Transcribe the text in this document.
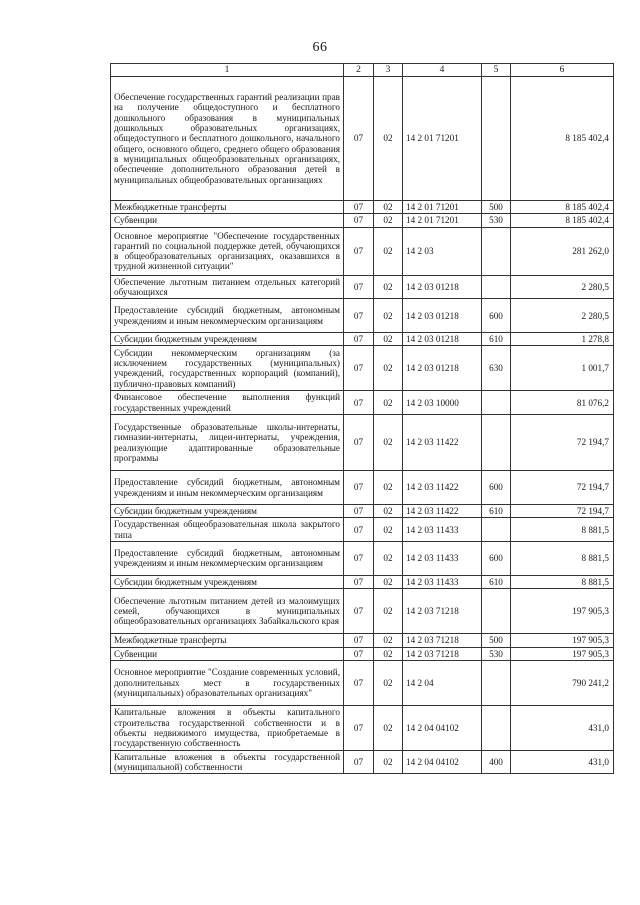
66
1	2	3	4	5	6
Обеспечение государственных гарантий реализации прав на получение общедоступного и бесплатного дошкольного образования в муниципальных дошкольных образовательных организациях, общедоступного и бесплатного дошкольного, начального общего, основного общего, среднего общего образования в муниципальных общеобразовательных организациях, обеспечение дополнительного образования детей в муниципальных общеобразовательных организациях	07	02	14 2 01 71201		8 185 402,4
Межбюджетные трансферты	07	02	14 2 01 71201	500	8 185 402,4
Субвенции	07	02	14 2 01 71201	530	8 185 402,4
Основное мероприятие "Обеспечение государственных гарантий по социальной поддержке детей, обучающихся в общеобразовательных организациях, оказавшихся в трудной жизненной ситуации"	07	02	14 2 03		281 262,0
Обеспечение льготным питанием отдельных категорий обучающихся	07	02	14 2 03 01218		2 280,5
Предоставление субсидий бюджетным, автономным учреждениям и иным некоммерческим организациям	07	02	14 2 03 01218	600	2 280,5
Субсидии бюджетным учреждениям	07	02	14 2 03 01218	610	1 278,8
Субсидии некоммерческим организациям (за исключением государственных (муниципальных) учреждений, государственных корпораций (компаний), публично-правовых компаний)	07	02	14 2 03 01218	630	1 001,7
Финансовое обеспечение выполнения функций государственных учреждений	07	02	14 2 03 10000		81 076,2
Государственные образовательные школы-интернаты, гимназии-интернаты, лицеи-интернаты, учреждения, реализующие адаптированные образовательные программы	07	02	14 2 03 11422		72 194,7
Предоставление субсидий бюджетным, автономным учреждениям и иным некоммерческим организациям	07	02	14 2 03 11422	600	72 194,7
Субсидии бюджетным учреждениям	07	02	14 2 03 11422	610	72 194,7
Государственная общеобразовательная школа закрытого типа	07	02	14 2 03 11433		8 881,5
Предоставление субсидий бюджетным, автономным учреждениям и иным некоммерческим организациям	07	02	14 2 03 11433	600	8 881,5
Субсидии бюджетным учреждениям	07	02	14 2 03 11433	610	8 881,5
Обеспечение льготным питанием детей из малоимущих семей, обучающихся в муниципальных общеобразовательных организациях Забайкальского края	07	02	14 2 03 71218		197 905,3
Межбюджетные трансферты	07	02	14 2 03 71218	500	197 905,3
Субвенции	07	02	14 2 03 71218	530	197 905,3
Основное мероприятие "Создание современных условий, дополнительных мест в государственных (муниципальных) образовательных организациях"	07	02	14 2 04		790 241,2
Капитальные вложения в объекты капитального строительства государственной собственности и в объекты недвижимого имущества, приобретаемые в государственную собственность	07	02	14 2 04 04102		431,0
Капитальные вложения в объекты государственной (муниципальной) собственности	07	02	14 2 04 04102	400	431,0
